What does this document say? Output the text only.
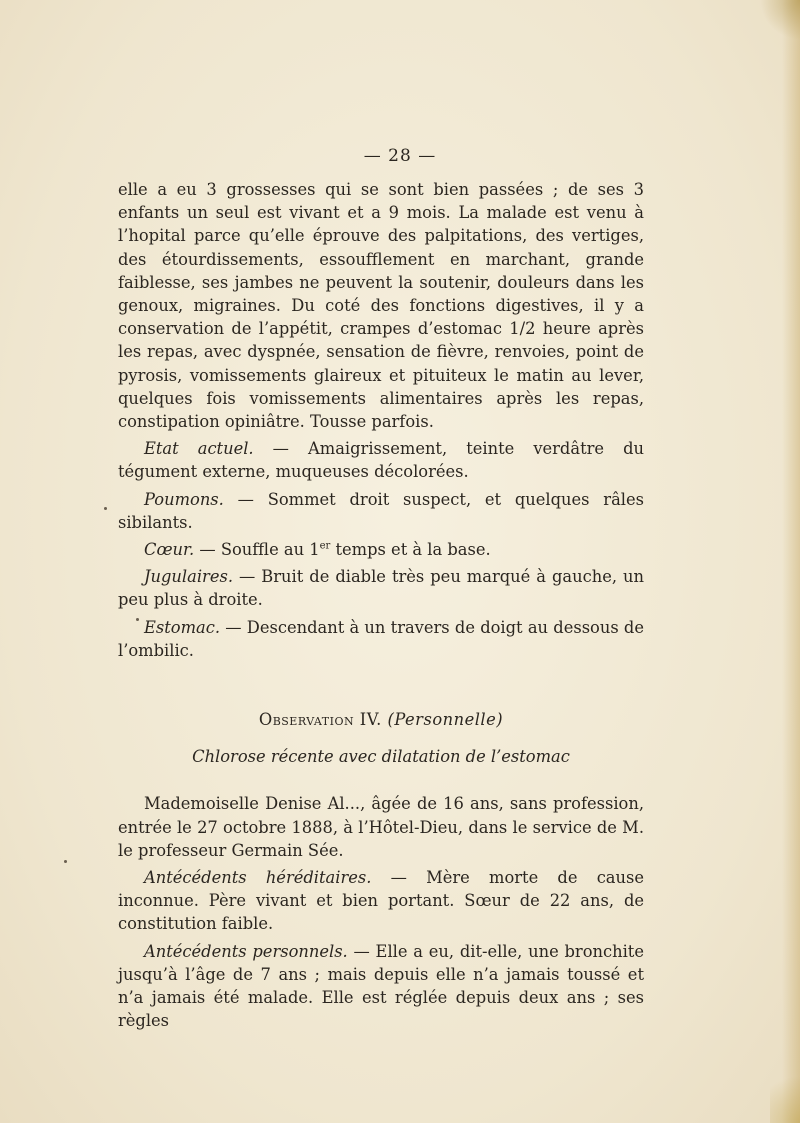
— 28 —

elle a eu 3 grossesses qui se sont bien passées ; de ses 3 enfants un seul est vivant et a 9 mois. La malade est venu à l’hopital parce qu’elle éprouve des palpitations, des vertiges, des étourdissements, essoufflement en marchant, grande faiblesse, ses jambes ne peuvent la soutenir, douleurs dans les genoux, migraines. Du coté des fonctions digestives, il y a conservation de l’appétit, crampes d’estomac 1/2 heure après les repas, avec dyspnée, sensation de fièvre, renvoies, point de pyrosis, vomissements glaireux et pituiteux le matin au lever, quelques fois vomissements alimentaires après les repas, constipation opiniâtre. Tousse parfois.

Etat actuel. — Amaigrissement, teinte verdâtre du tégument externe, muqueuses décolorées.

Poumons. — Sommet droit suspect, et quelques râles sibilants.

Cœur. — Souffle au 1er temps et à la base.

Jugulaires. — Bruit de diable très peu marqué à gauche, un peu plus à droite.

Estomac. — Descendant à un travers de doigt au dessous de l’ombilic.

Observation IV. (Personnelle)

Chlorose récente avec dilatation de l’estomac

Mademoiselle Denise Al..., âgée de 16 ans, sans profession, entrée le 27 octobre 1888, à l’Hôtel-Dieu, dans le service de M. le professeur Germain Sée.

Antécédents héréditaires. — Mère morte de cause inconnue. Père vivant et bien portant. Sœur de 22 ans, de constitution faible.

Antécédents personnels. — Elle a eu, dit-elle, une bronchite jusqu’à l’âge de 7 ans ; mais depuis elle n’a jamais toussé et n’a jamais été malade. Elle est réglée depuis deux ans ; ses règles
